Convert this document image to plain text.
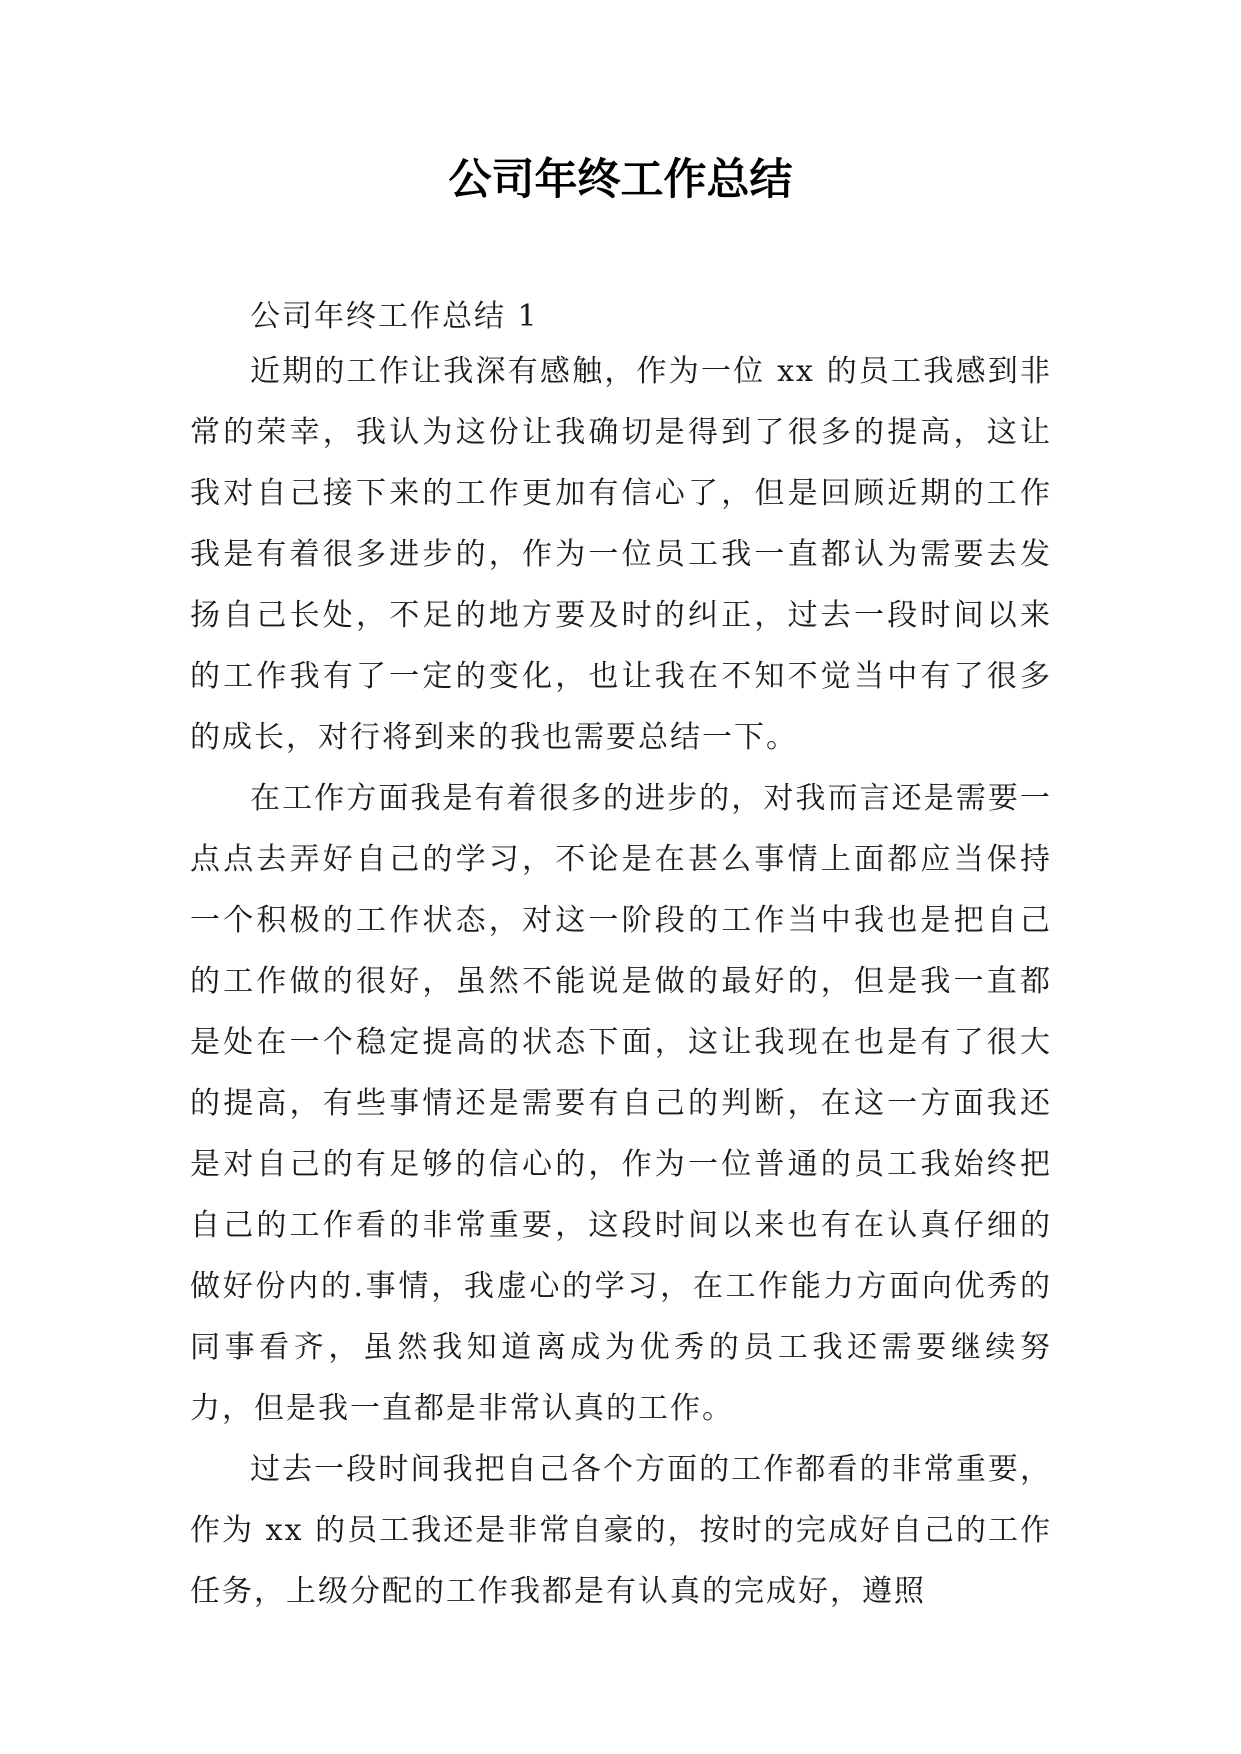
公司年终工作总结

公司年终工作总结 1

近期的工作让我深有感触，作为一位 xx 的员工我感到非常的荣幸，我认为这份让我确切是得到了很多的提高，这让我对自己接下来的工作更加有信心了，但是回顾近期的工作我是有着很多进步的，作为一位员工我一直都认为需要去发扬自己长处，不足的地方要及时的纠正，过去一段时间以来的工作我有了一定的变化，也让我在不知不觉当中有了很多的成长，对行将到来的我也需要总结一下。

在工作方面我是有着很多的进步的，对我而言还是需要一点点去弄好自己的学习，不论是在甚么事情上面都应当保持一个积极的工作状态，对这一阶段的工作当中我也是把自己的工作做的很好，虽然不能说是做的最好的，但是我一直都是处在一个稳定提高的状态下面，这让我现在也是有了很大的提高，有些事情还是需要有自己的判断，在这一方面我还是对自己的有足够的信心的，作为一位普通的员工我始终把自己的工作看的非常重要，这段时间以来也有在认真仔细的做好份内的.事情，我虚心的学习，在工作能力方面向优秀的同事看齐，虽然我知道离成为优秀的员工我还需要继续努力，但是我一直都是非常认真的工作。

过去一段时间我把自己各个方面的工作都看的非常重要，作为 xx 的员工我还是非常自豪的，按时的完成好自己的工作任务，上级分配的工作我都是有认真的完成好，遵照
